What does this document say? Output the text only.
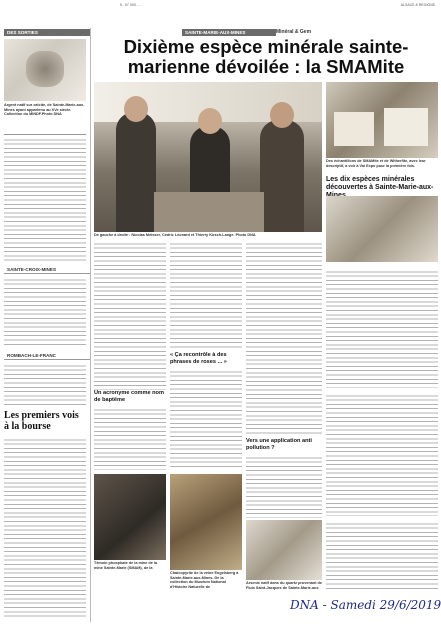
5 - N° 000 - ...	ALSACE & REGIONS
DES SORTIES
Argent natif sur calcite, de Sainte-Marie-aux-Mines ayant appartenu au XVe siècle. Collection du MINDF.Photo DNA
SAINTE-CROIX-MINES
ROMBACH-LE-FRANC
Les premiers vois à la bourse
SAINTE-MARIE-AUX-MINES	Minéral & Gem
Dixième espèce minérale sainte-
marienne dévoilée : la SMAMite
De gauche à droite : Nicolas Meisser, Cédric Léonard et Thierry Kirsch-Lange. Photo DNA
Des échantillons de SMAMite et de Witherfite, avec leur descriptif, à voir à Val Expo pour la première fois.
Les dix espèces minérales découvertes à Sainte-Marie-aux-
Un acronyme comme nom de baptême
« Ça recontrôle à des phrases de roses ... »
Vers une application anti pollution ?
Témoin phosphate de la mine de la mine Sainte-Marie (SMAM), de la
Chalcopyrite de la veine Engelsberg à Sainte-Marie-aux-Mines. De la collection du Muséum National d'Histoire Naturelle de
Arsenic natif dans du quartz provenant de Fluix Saint-Jacques de Sainte-Marie-aux
DNA - Samedi 29/6/2019
